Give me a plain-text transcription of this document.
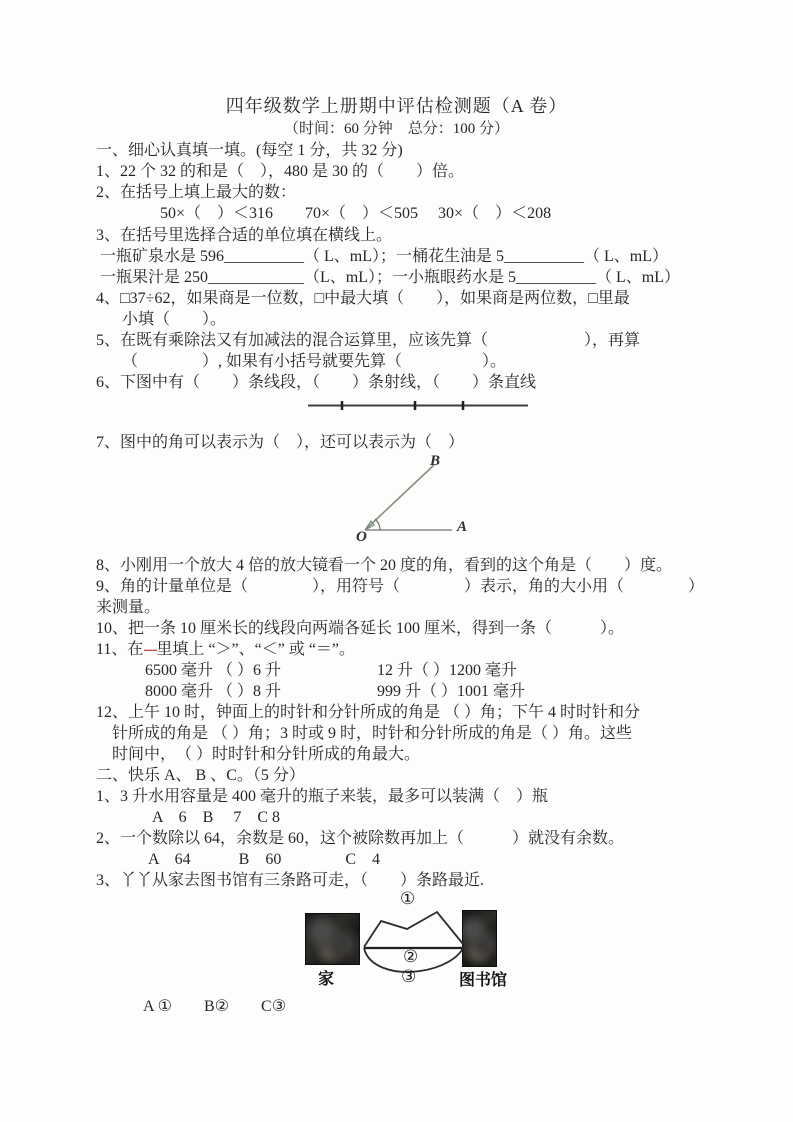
四年级数学上册期中评估检测题（A 卷）
（时间：60 分钟　总分：100 分）
一、细心认真填一填。(每空 1 分，共 32 分)
1、22 个 32 的和是（　），480 是 30 的（　　）倍。
2、在括号上填上最大的数：
50×（　）＜316　　70×（　）＜505　 30×（　）＜208
3、在括号里选择合适的单位填在横线上。
一瓶矿泉水是 596__________（ L、mL）；一桶花生油是 5__________（ L、mL）
一瓶果汁是 250____________（L、mL）；一小瓶眼药水是 5__________（ L、mL）
4、□37÷62，如果商是一位数，□中最大填（　　），如果商是两位数，□里最
小填（　　）。
5、在既有乘除法又有加减法的混合运算里，应该先算（　　　　　　），再算
（　　　　）, 如果有小括号就要先算（　　　　　）。
6、下图中有（　　）条线段，（　　）条射线，（　　）条直线
7、图中的角可以表示为（　），还可以表示为（　）
O
A
B
8、小刚用一个放大 4 倍的放大镜看一个 20 度的角，看到的这个角是（　　）度。
9、角的计量单位是（　　　　），用符号（　　　　）表示，角的大小用（　　　　）
来测量。
10、把一条 10 厘米长的线段向两端各延长 100 厘米，得到一条（　　　）。
11、在---里填上 “＞”、“＜” 或 “＝”。
6500 毫升 （ ）6 升	12 升（ ）1200 毫升
8000 毫升 （ ）8 升	999 升（ ）1001 毫升
12、上午 10 时，钟面上的时针和分针所成的角是 （ ）角；下午 4 时时针和分
针所成的角是 （ ）角；3 时或 9 时，时针和分针所成的角是（ ）角。这些
时间中，　（ ）时时针和分针所成的角最大。
二、快乐 A、 B 、C。（5 分）
1、3 升水用容量是 400 毫升的瓶子来装，最多可以装满（　）瓶
A　6　B　 7　C 8
2、一个数除以 64，余数是 60，这个被除数再加上（　　　）就没有余数。
A　64　　　B　60　　　　C　4
3、丫丫从家去图书馆有三条路可走，（　　）条路最近.
①
②
③
家	图书馆
A ①　　B②　　C③
